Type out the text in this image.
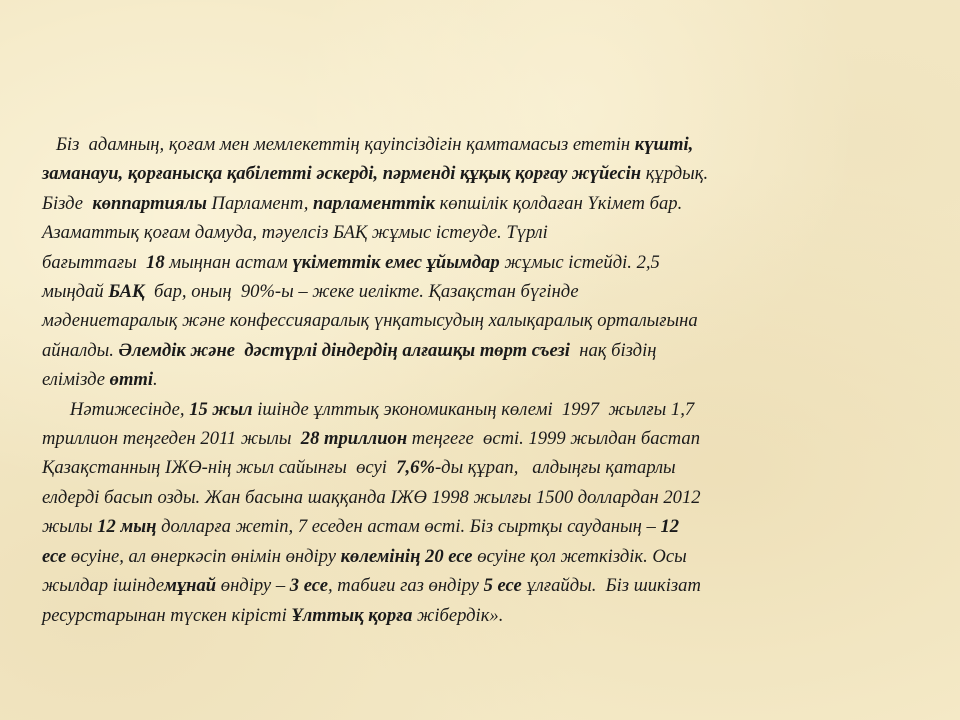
Біз  адамның, қоғам мен мемлекеттің қауіпсіздігін қамтамасыз ететін күшті,
заманауи, қорғанысқа қабілетті әскерді, пәрменді құқық қорғау жүйесін құрдық.
Бізде  көппартиялы Парламент, парламенттік көпшілік қолдаған Үкімет бар.
Азаматтық қоғам дамуда, тәуелсіз БАҚ жұмыс істеуде. Түрлі
бағыттағы  18 мыңнан астам үкіметтік емес ұйымдар жұмыс істейді. 2,5
мыңдай БАҚ  бар, оның  90%-ы – жеке иелікте. Қазақстан бүгінде
мәдениетаралық және конфессияаралық үнқатысудың халықаралық орталығына
айналды. Әлемдік және  дәстүрлі діндердің алғашқы төрт съезі  нақ біздің
елімізде өтті.
Нәтижесінде, 15 жыл ішінде ұлттық экономиканың көлемі  1997  жылғы 1,7
триллион теңгеден 2011 жылы  28 триллион теңгеге  өсті. 1999 жылдан бастап
Қазақстанның ІЖӨ-нің жыл сайынғы  өсуі  7,6%-ды құрап,   алдыңғы қатарлы
елдерді басып озды. Жан басына шаққанда ІЖӨ 1998 жылғы 1500 доллардан 2012
жылы 12 мың долларға жетіп, 7 еседен астам өсті. Біз сыртқы сауданың – 12
есе өсуіне, ал өнеркәсіп өнімін өндіру көлемінің 20 есе өсуіне қол жеткіздік. Осы
жылдар ішіндемұнай өндіру – 3 есе, табиғи газ өндіру 5 есе ұлғайды.  Біз шикізат
ресурстарынан түскен кірісті Ұлттық қорға жібердік».
